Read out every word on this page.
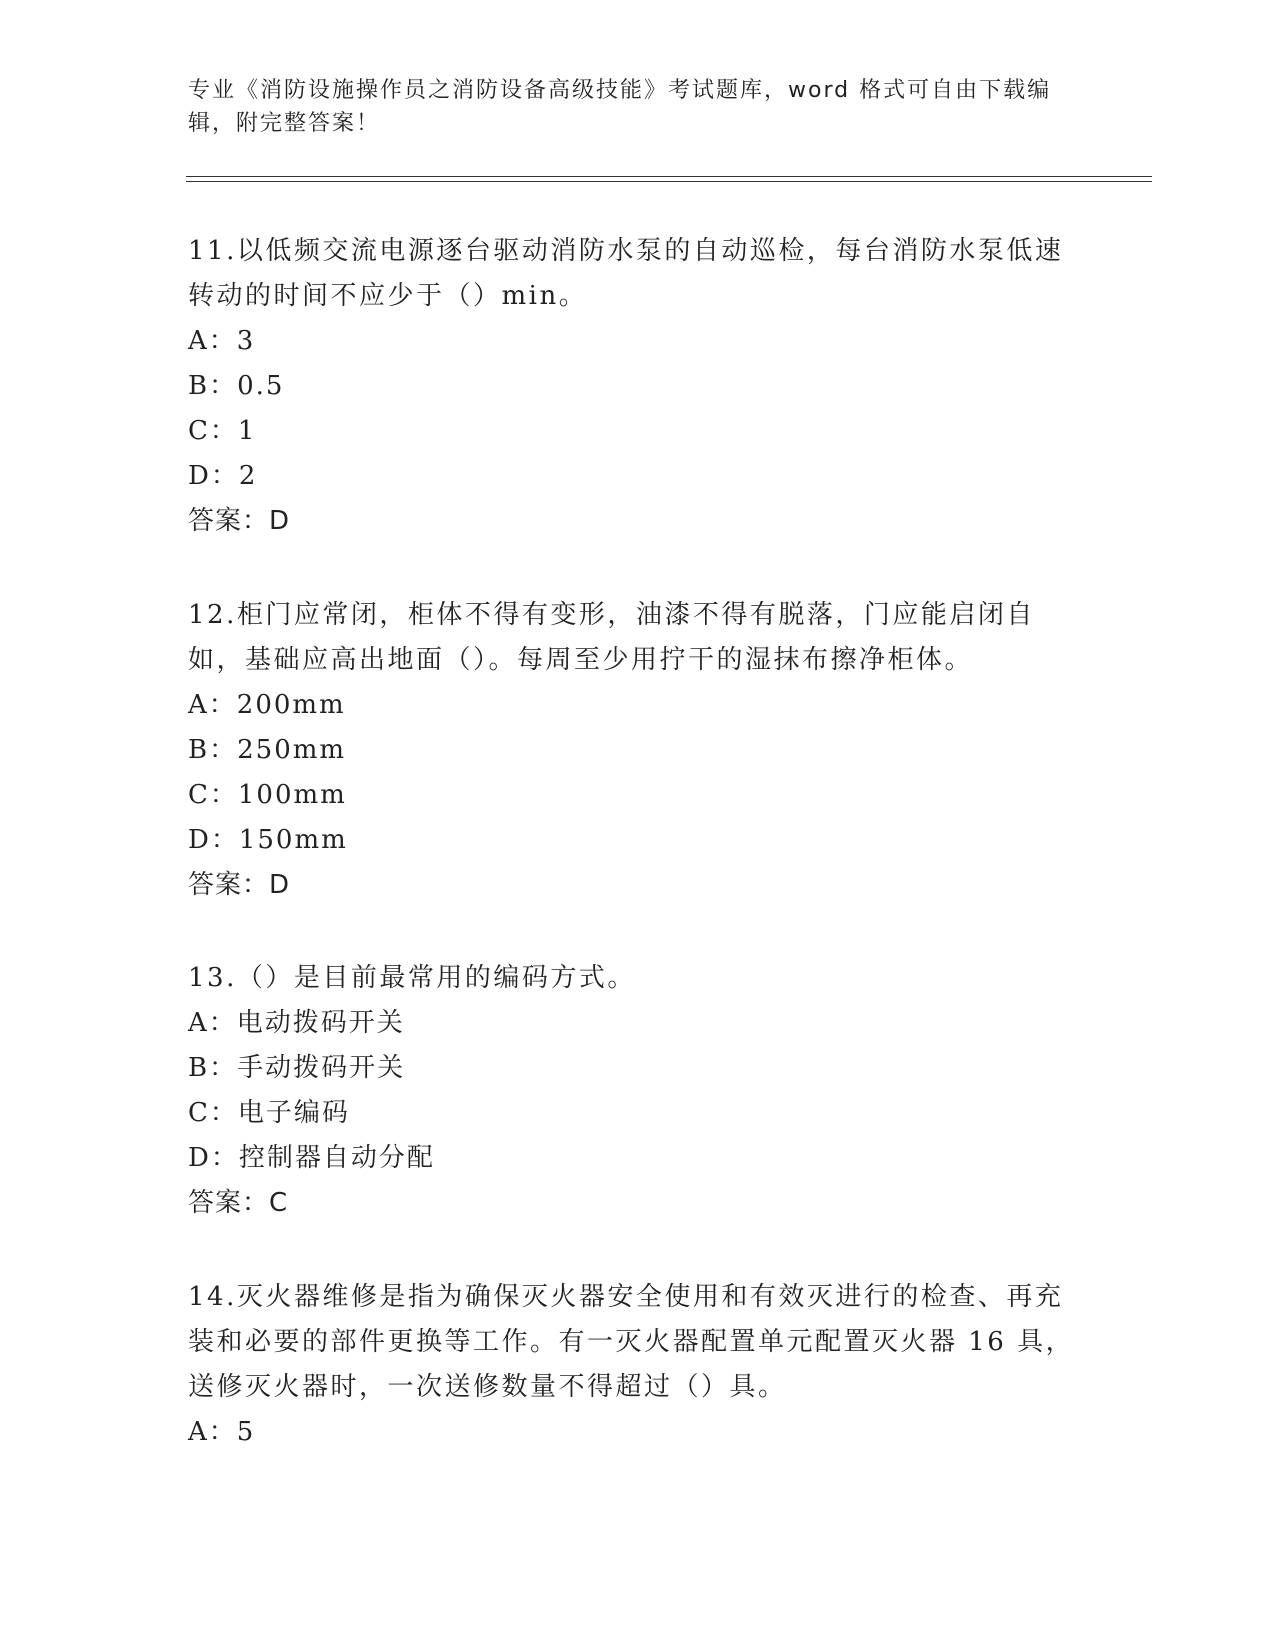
专业《消防设施操作员之消防设备高级技能》考试题库，word 格式可自由下载编辑，附完整答案！
11.以低频交流电源逐台驱动消防水泵的自动巡检，每台消防水泵低速转动的时间不应少于（）min。
A：3
B：0.5
C：1
D：2
答案：D
12.柜门应常闭，柜体不得有变形，油漆不得有脱落，门应能启闭自如，基础应高出地面（）。每周至少用拧干的湿抹布擦净柜体。
A：200mm
B：250mm
C：100mm
D：150mm
答案：D
13.（）是目前最常用的编码方式。
A：电动拨码开关
B：手动拨码开关
C：电子编码
D：控制器自动分配
答案：C
14.灭火器维修是指为确保灭火器安全使用和有效灭进行的检查、再充装和必要的部件更换等工作。有一灭火器配置单元配置灭火器 16 具，送修灭火器时，一次送修数量不得超过（）具。
A：5
